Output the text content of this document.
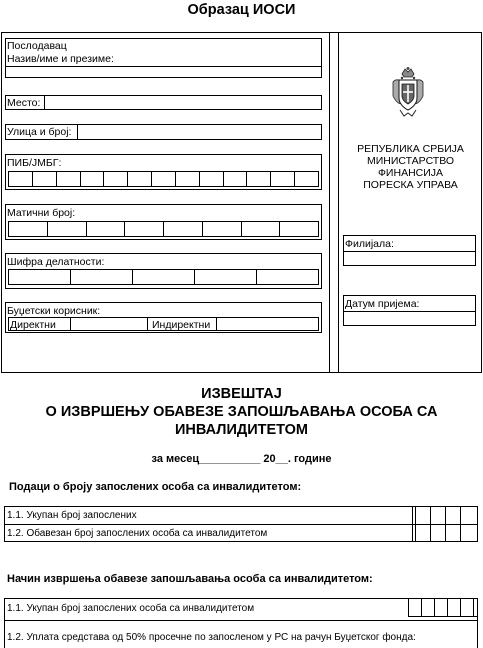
Образац ИОСИ
Послодавац
Назив/име и презиме:
Место:
Улица и број:
ПИБ/ЈМБГ:
Матични број:
Шифра делатности:
Буџетски корисник:
Директни	Индиректни
РЕПУБЛИКА СРБИЈА
МИНИСТАРСТВО
ФИНАНСИЈА
ПОРЕСКА УПРАВА
Филијала:
Датум пријема:
ИЗВЕШТАЈ
О ИЗВРШЕЊУ ОБАВЕЗЕ ЗАПОШЉАВАЊА ОСОБА СА
ИНВАЛИДИТЕТОМ
за месец__________ 20__. године
Подаци о броју запослених особа са инвалидитетом:
1.1. Укупан број запослених
1.2. Обавезан број запослених особа са инвалидитетом
Начин извршења обавезе запошљавања особа са инвалидитетом:
1.1. Укупан број запослених особа са инвалидитетом
1.2. Уплата средстава од 50% просечне по запосленом у РС на рачун Буџетског фонда:
